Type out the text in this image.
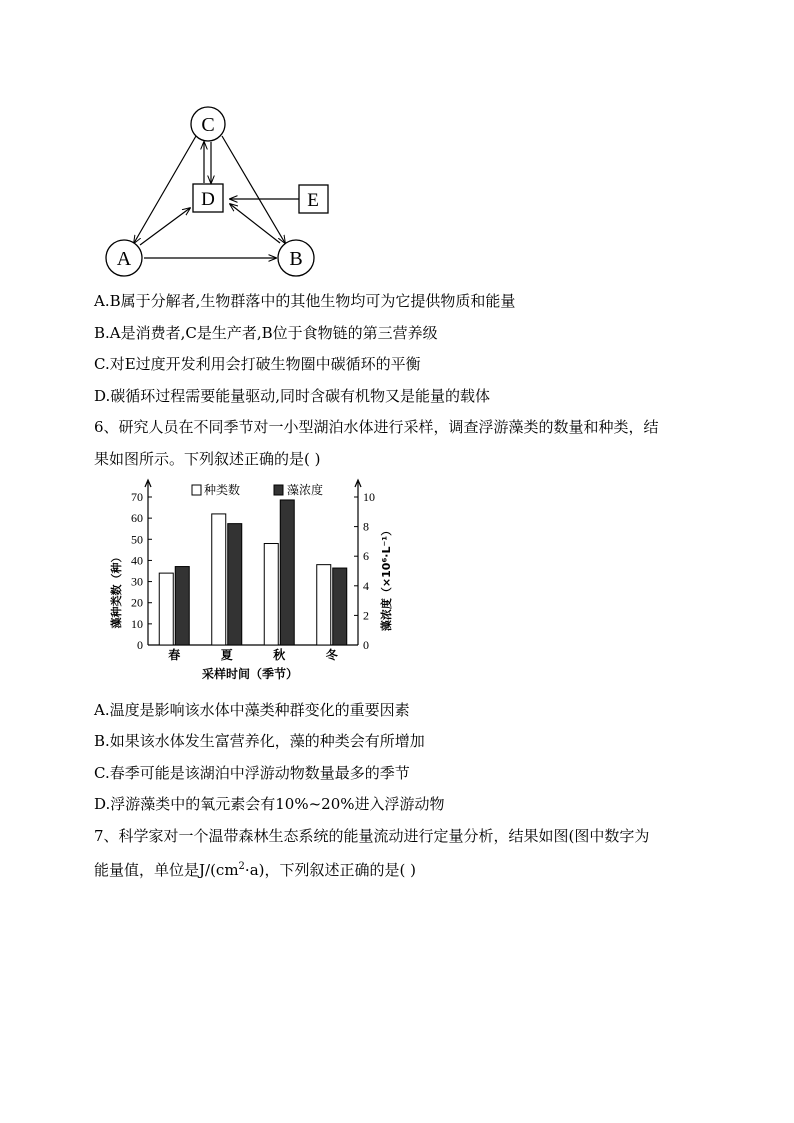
C
D	E
A	B
A.B属于分解者,生物群落中的其他生物均可为它提供物质和能量
B.A是消费者,C是生产者,B位于食物链的第三营养级
C.对E过度开发利用会打破生物圈中碳循环的平衡
D.碳循环过程需要能量驱动,同时含碳有机物又是能量的载体
6、研究人员在不同季节对一小型湖泊水体进行采样，调查浮游藻类的数量和种类，结
果如图所示。下列叙述正确的是( )
种类数	藻浓度
藻种类数（种）	藻浓度（×10⁶·L⁻¹）
采样时间（季节）
0
10
20
30
40
50
60
70
0
2
4
6
8
10
春	夏	秋	冬
A.温度是影响该水体中藻类种群变化的重要因素
B.如果该水体发生富营养化，藻的种类会有所增加
C.春季可能是该湖泊中浮游动物数量最多的季节
D.浮游藻类中的氧元素会有10%~20%进入浮游动物
7、科学家对一个温带森林生态系统的能量流动进行定量分析，结果如图(图中数字为
能量值，单位是$J/(cm^2\cdot a)$，下列叙述正确的是( )
